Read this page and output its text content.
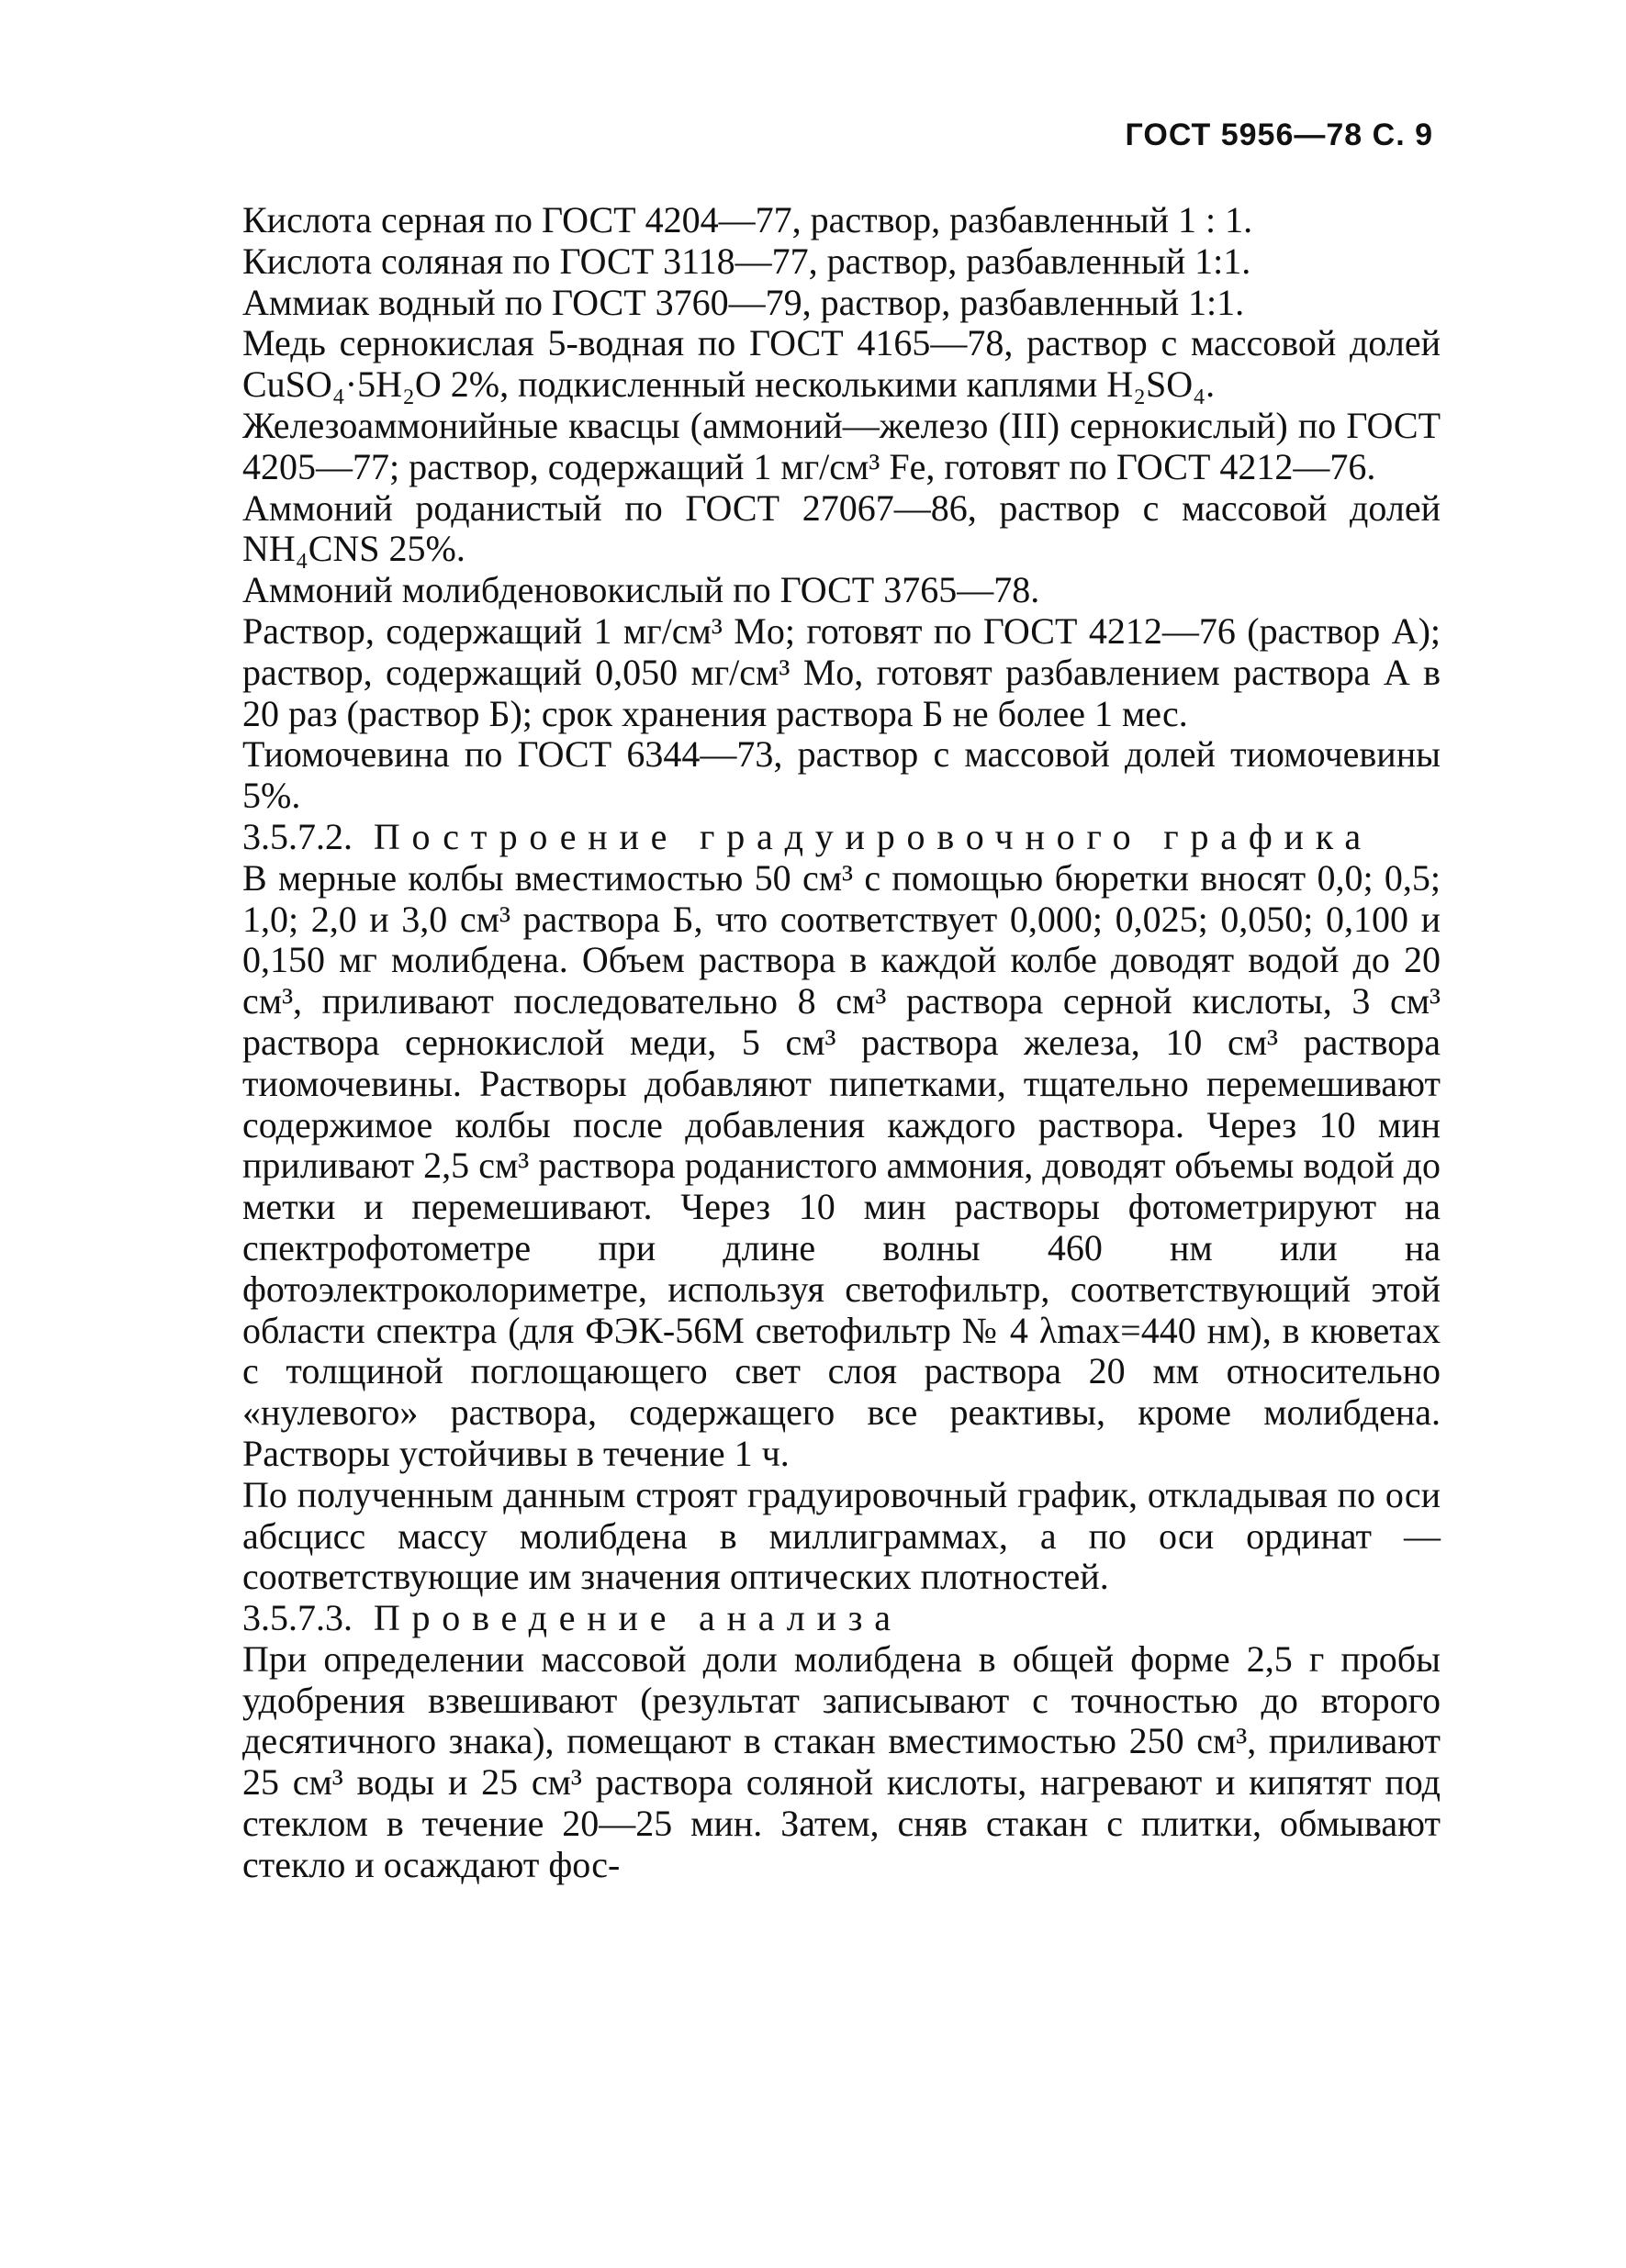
ГОСТ 5956—78 С. 9

Кислота серная по ГОСТ 4204—77, раствор, разбавленный 1 : 1.

Кислота соляная по ГОСТ 3118—77, раствор, разбавленный 1:1.

Аммиак водный по ГОСТ 3760—79, раствор, разбавленный 1:1.

Медь сернокислая 5-водная по ГОСТ 4165—78, раствор с массовой долей CuSO₄·5H₂O 2%, подкисленный несколькими каплями H₂SO₄.

Железоаммонийные квасцы (аммоний—железо (III) сернокислый) по ГОСТ 4205—77; раствор, содержащий 1 мг/см³ Fe, готовят по ГОСТ 4212—76.

Аммоний роданистый по ГОСТ 27067—86, раствор с массовой долей NH₄CNS 25%.

Аммоний молибденовокислый по ГОСТ 3765—78.

Раствор, содержащий 1 мг/см³ Mo; готовят по ГОСТ 4212—76 (раствор А); раствор, содержащий 0,050 мг/см³ Mo, готовят разбавлением раствора А в 20 раз (раствор Б); срок хранения раствора Б не более 1 мес.

Тиомочевина по ГОСТ 6344—73, раствор с массовой долей тиомочевины 5%.

3.5.7.2. Построение градуировочного графика

В мерные колбы вместимостью 50 см³ с помощью бюретки вносят 0,0; 0,5; 1,0; 2,0 и 3,0 см³ раствора Б, что соответствует 0,000; 0,025; 0,050; 0,100 и 0,150 мг молибдена. Объем раствора в каждой колбе доводят водой до 20 см³, приливают последовательно 8 см³ раствора серной кислоты, 3 см³ раствора сернокислой меди, 5 см³ раствора железа, 10 см³ раствора тиомочевины. Растворы добавляют пипетками, тщательно перемешивают содержимое колбы после добавления каждого раствора. Через 10 мин приливают 2,5 см³ раствора роданистого аммония, доводят объемы водой до метки и перемешивают. Через 10 мин растворы фотометрируют на спектрофотометре при длине волны 460 нм или на фотоэлектроколориметре, используя светофильтр, соответствующий этой области спектра (для ФЭК-56М светофильтр № 4 λmax=440 нм), в кюветах с толщиной поглощающего свет слоя раствора 20 мм относительно «нулевого» раствора, содержащего все реактивы, кроме молибдена. Растворы устойчивы в течение 1 ч.

По полученным данным строят градуировочный график, откладывая по оси абсцисс массу молибдена в миллиграммах, а по оси ординат — соответствующие им значения оптических плотностей.

3.5.7.3. Проведение анализа

При определении массовой доли молибдена в общей форме 2,5 г пробы удобрения взвешивают (результат записывают с точностью до второго десятичного знака), помещают в стакан вместимостью 250 см³, приливают 25 см³ воды и 25 см³ раствора соляной кислоты, нагревают и кипятят под стеклом в течение 20—25 мин. Затем, сняв стакан с плитки, обмывают стекло и осаждают фос-
